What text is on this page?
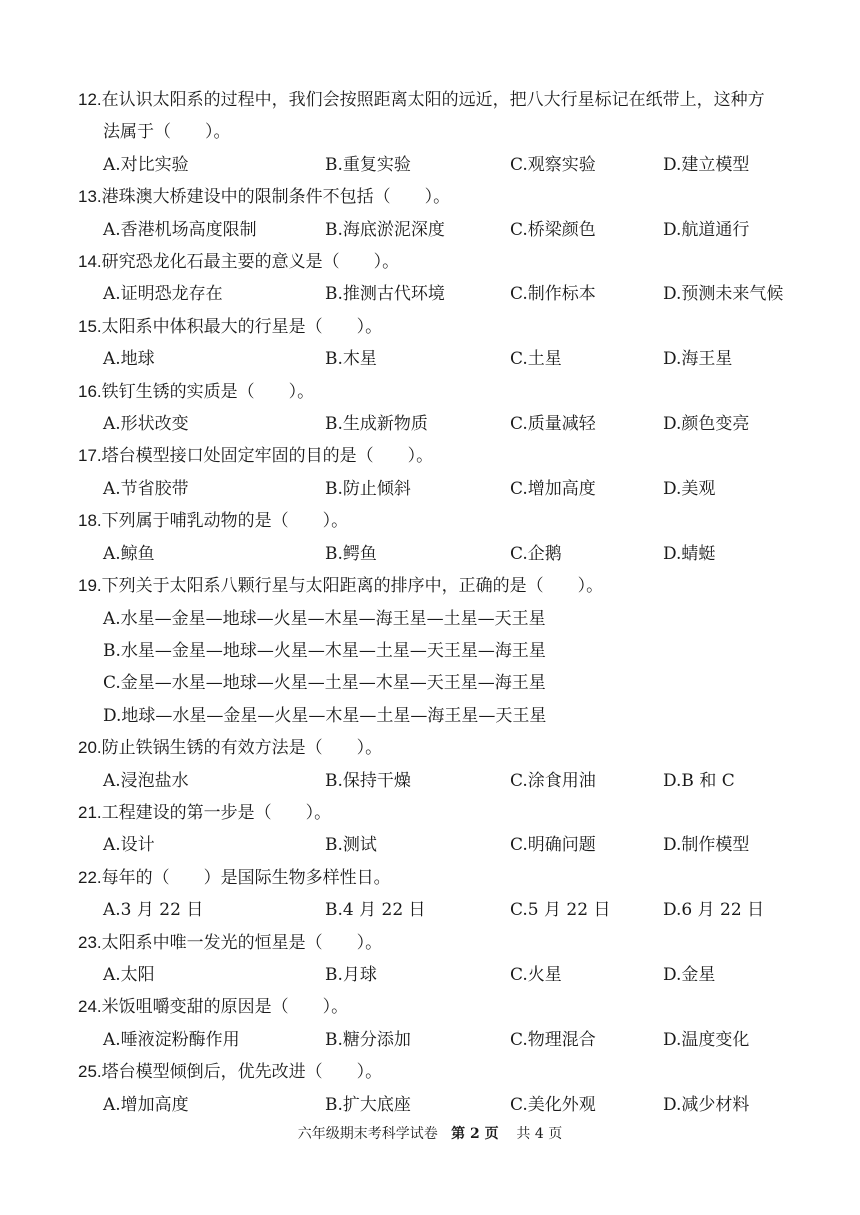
12.在认识太阳系的过程中，我们会按照距离太阳的远近，把八大行星标记在纸带上，这种方
法属于（　　）。

A.对比实验	B.重复实验	C.观察实验	D.建立模型

13.港珠澳大桥建设中的限制条件不包括（　　）。

A.香港机场高度限制	B.海底淤泥深度	C.桥梁颜色	D.航道通行

14.研究恐龙化石最主要的意义是（　　）。

A.证明恐龙存在	B.推测古代环境	C.制作标本	D.预测未来气候

15.太阳系中体积最大的行星是（　　）。

A.地球	B.木星	C.土星	D.海王星

16.铁钉生锈的实质是（　　）。

A.形状改变	B.生成新物质	C.质量减轻	D.颜色变亮

17.塔台模型接口处固定牢固的目的是（　　）。

A.节省胶带	B.防止倾斜	C.增加高度	D.美观

18.下列属于哺乳动物的是（　　）。

A.鲸鱼	B.鳄鱼	C.企鹅	D.蜻蜓

19.下列关于太阳系八颗行星与太阳距离的排序中，正确的是（　　）。

A.水星—金星—地球—火星—木星—海王星—土星—天王星
B.水星—金星—地球—火星—木星—土星—天王星—海王星
C.金星—水星—地球—火星—土星—木星—天王星—海王星
D.地球—水星—金星—火星—木星—土星—海王星—天王星

20.防止铁锅生锈的有效方法是（　　）。

A.浸泡盐水	B.保持干燥	C.涂食用油	D.B 和 C

21.工程建设的第一步是（　　）。

A.设计	B.测试	C.明确问题	D.制作模型

22.每年的（　　）是国际生物多样性日。

A.3 月 22 日	B.4 月 22 日	C.5 月 22 日	D.6 月 22 日

23.太阳系中唯一发光的恒星是（　　）。

A.太阳	B.月球	C.火星	D.金星

24.米饭咀嚼变甜的原因是（　　）。

A.唾液淀粉酶作用	B.糖分添加	C.物理混合	D.温度变化

25.塔台模型倾倒后，优先改进（　　）。

A.增加高度	B.扩大底座	C.美化外观	D.减少材料
六年级期末考科学试卷 第 2 页 共 4 页
